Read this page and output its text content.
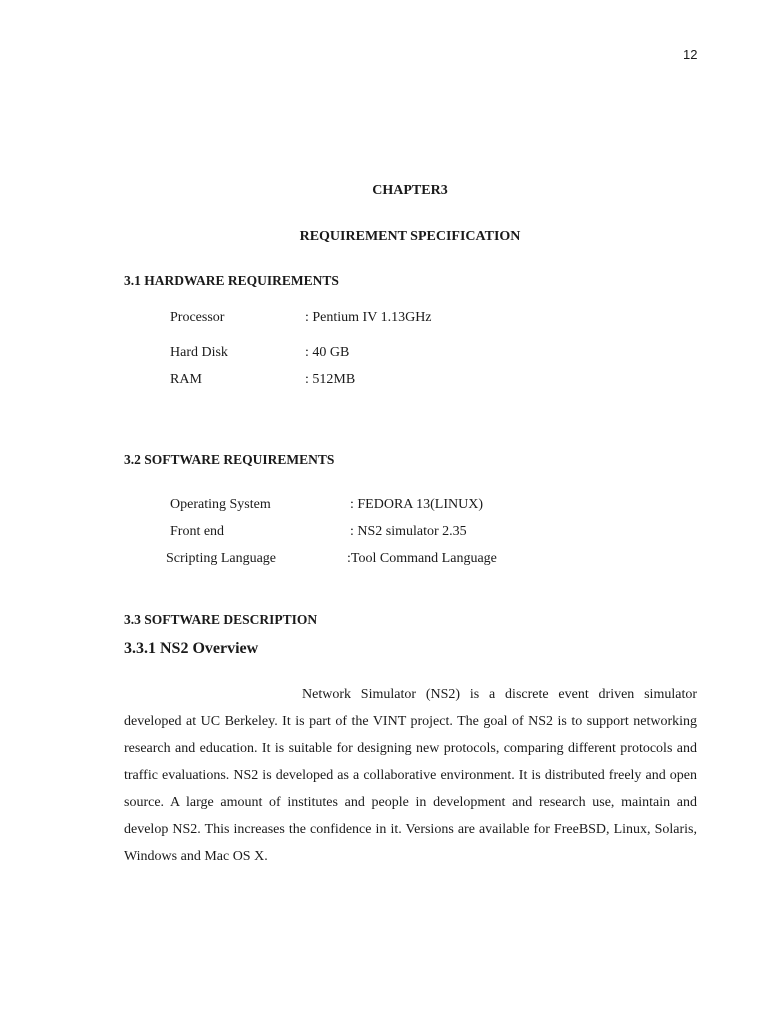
12
CHAPTER3
REQUIREMENT SPECIFICATION
3.1 HARDWARE REQUIREMENTS
Processor	: Pentium IV 1.13GHz
Hard Disk	: 40 GB
RAM	: 512MB
3.2 SOFTWARE REQUIREMENTS
Operating System	: FEDORA 13(LINUX)
Front end	: NS2 simulator 2.35
Scripting Language	:Tool Command Language
3.3 SOFTWARE DESCRIPTION
3.3.1 NS2 Overview

Network Simulator (NS2) is a discrete event driven simulator developed at UC Berkeley. It is part of the VINT project. The goal of NS2 is to support networking research and education. It is suitable for designing new protocols, comparing different protocols and traffic evaluations. NS2 is developed as a collaborative environment. It is distributed freely and open source. A large amount of institutes and people in development and research use, maintain and develop NS2. This increases the confidence in it. Versions are available for FreeBSD, Linux, Solaris, Windows and Mac OS X.
